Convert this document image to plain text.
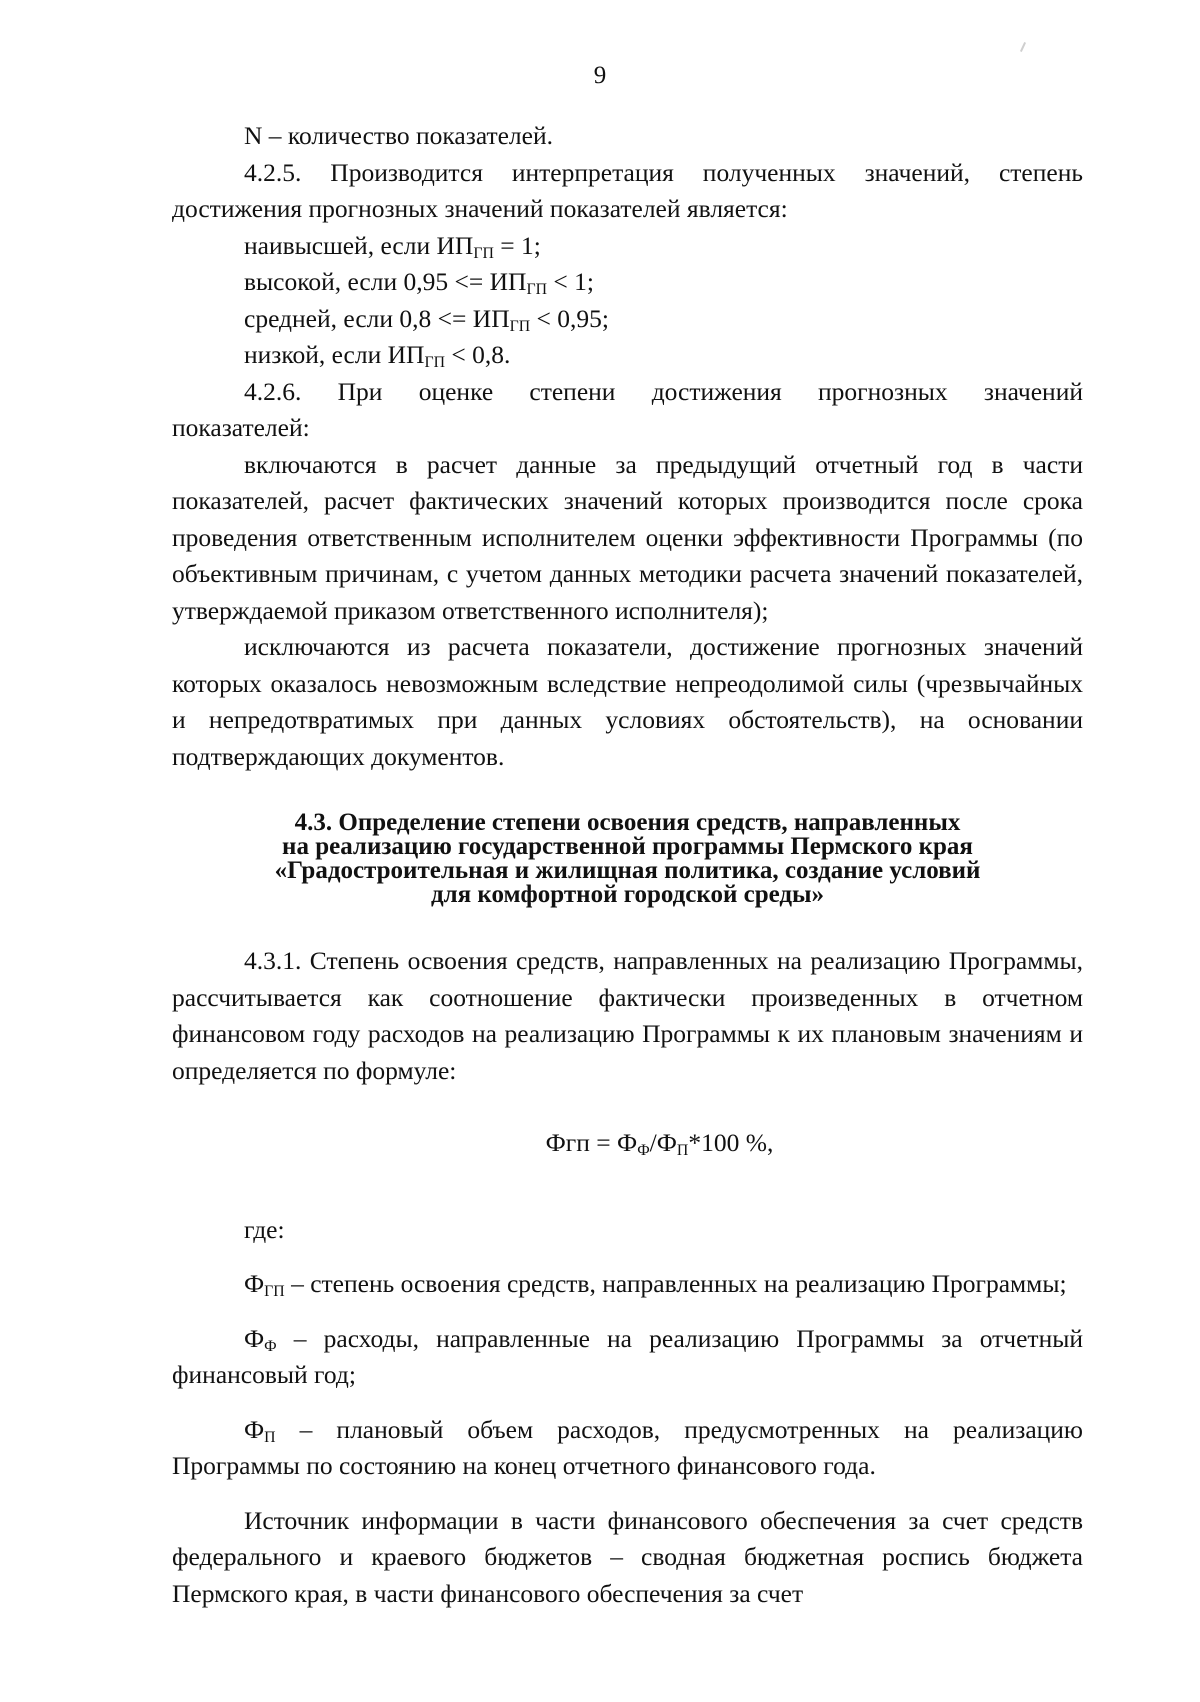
9

N – количество показателей.

4.2.5. Производится интерпретация полученных значений, степень

достижения прогнозных значений показателей является:

наивысшей, если $ИП_{ГП} = 1$;

высокой, если $0,95 <= ИП_{ГП} < 1$;

средней, если $0,8 <= ИП_{ГП} < 0,95$;

низкой, если $ИП_{ГП} < 0,8$.

4.2.6. При оценке степени достижения прогнозных значений

показателей:

включаются в расчет данные за предыдущий отчетный год в части показателей, расчет фактических значений которых производится после срока проведения ответственным исполнителем оценки эффективности Программы (по объективным причинам, с учетом данных методики расчета значений показателей, утверждаемой приказом ответственного исполнителя);

исключаются из расчета показатели, достижение прогнозных значений которых оказалось невозможным вследствие непреодолимой силы (чрезвычайных и непредотвратимых при данных условиях обстоятельств), на основании подтверждающих документов.

4.3. Определение степени освоения средств, направленных
на реализацию государственной программы Пермского края
«Градостроительная и жилищная политика, создание условий
для комфортной городской среды»

4.3.1. Степень освоения средств, направленных на реализацию Программы, рассчитывается как соотношение фактически произведенных в отчетном финансовом году расходов на реализацию Программы к их плановым значениям и определяется по формуле:

Фгп = $Ф_Ф/Ф_П*100$ %,

где:

$Ф_{ГП}$ – степень освоения средств, направленных на реализацию Программы;

$Ф_Ф$ – расходы, направленные на реализацию Программы за отчетный финансовый год;

$Ф_П$ – плановый объем расходов, предусмотренных на реализацию Программы по состоянию на конец отчетного финансового года.

Источник информации в части финансового обеспечения за счет средств федерального и краевого бюджетов – сводная бюджетная роспись бюджета Пермского края, в части финансового обеспечения за счет
